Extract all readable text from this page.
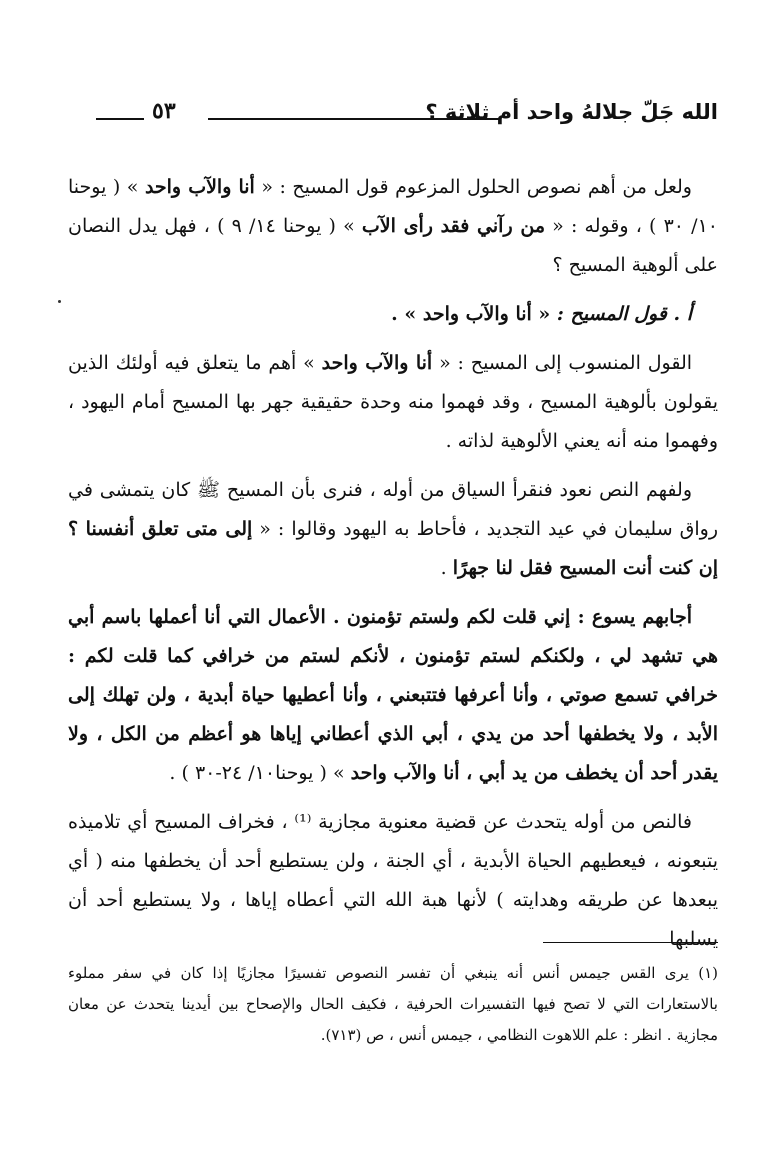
الله جَلّ جلالهُ واحد أم ثلاثة ؟
٥٣

ولعل من أهم نصوص الحلول المزعوم قول المسيح : « أنا والآب واحد » ( يوحنا ١٠/ ٣٠ ) ، وقوله : « من رآني فقد رأى الآب » ( يوحنا ١٤/ ٩ ) ، فهل يدل النصان على ألوهية المسيح ؟

أ . قول المسيح : « أنا والآب واحد » .

القول المنسوب إلى المسيح : « أنا والآب واحد » أهم ما يتعلق فيه أولئك الذين يقولون بألوهية المسيح ، وقد فهموا منه وحدة حقيقية جهر بها المسيح أمام اليهود ، وفهموا منه أنه يعني الألوهية لذاته .

ولفهم النص نعود فنقرأ السياق من أوله ، فنرى بأن المسيح ﷺ كان يتمشى في رواق سليمان في عيد التجديد ، فأحاط به اليهود وقالوا : « إلى متى تعلق أنفسنا ؟ إن كنت أنت المسيح فقل لنا جهرًا .

أجابهم يسوع : إني قلت لكم ولستم تؤمنون . الأعمال التي أنا أعملها باسم أبي هي تشهد لي ، ولكنكم لستم تؤمنون ، لأنكم لستم من خرافي كما قلت لكم : خرافي تسمع صوتي ، وأنا أعرفها فتتبعني ، وأنا أعطيها حياة أبدية ، ولن تهلك إلى الأبد ، ولا يخطفها أحد من يدي ، أبي الذي أعطاني إياها هو أعظم من الكل ، ولا يقدر أحد أن يخطف من يد أبي ، أنا والآب واحد » ( يوحنا١٠/ ٢٤-٣٠ ) .

فالنص من أوله يتحدث عن قضية معنوية مجازية ⁽¹⁾ ، فخراف المسيح أي تلاميذه يتبعونه ، فيعطيهم الحياة الأبدية ، أي الجنة ، ولن يستطيع أحد أن يخطفها منه ( أي يبعدها عن طريقه وهدايته ) لأنها هبة الله التي أعطاه إياها ، ولا يستطيع أحد أن يسلبها

(١) يرى القس جيمس أنس أنه ينبغي أن تفسر النصوص تفسيرًا مجازيًا إذا كان في سفر مملوء بالاستعارات التي لا تصح فيها التفسيرات الحرفية ، فكيف الحال والإصحاح بين أيدينا يتحدث عن معان مجازية . انظر : علم اللاهوت النظامي ، جيمس أنس ، ص (٧١٣).
